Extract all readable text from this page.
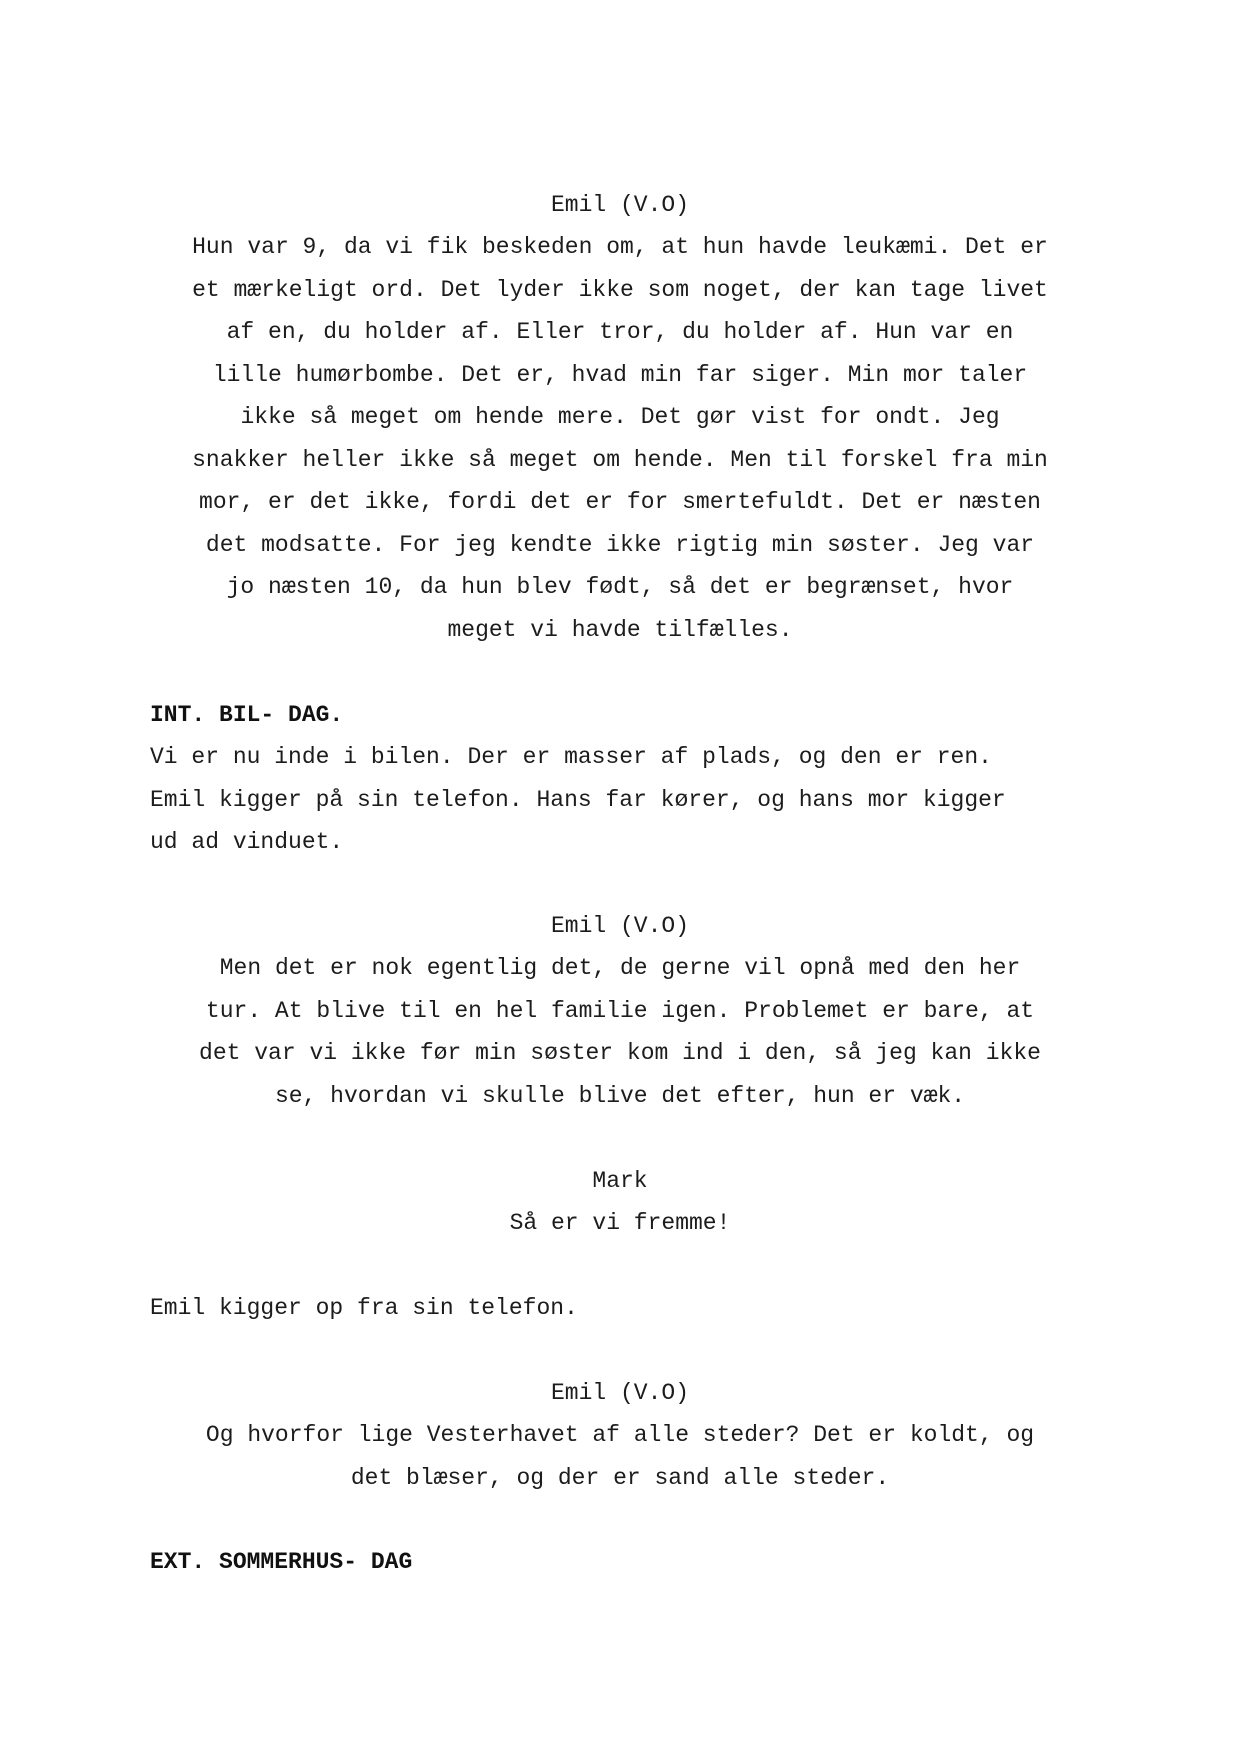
Emil (V.O)
Hun var 9, da vi fik beskeden om, at hun havde leukæmi. Det er
et mærkeligt ord. Det lyder ikke som noget, der kan tage livet
af en, du holder af. Eller tror, du holder af. Hun var en
lille humørbombe. Det er, hvad min far siger. Min mor taler
ikke så meget om hende mere. Det gør vist for ondt. Jeg
snakker heller ikke så meget om hende. Men til forskel fra min
mor, er det ikke, fordi det er for smertefuldt. Det er næsten
det modsatte. For jeg kendte ikke rigtig min søster. Jeg var
jo næsten 10, da hun blev født, så det er begrænset, hvor
meget vi havde tilfælles.
INT. BIL- DAG.
Vi er nu inde i bilen. Der er masser af plads, og den er ren.
Emil kigger på sin telefon. Hans far kører, og hans mor kigger
ud ad vinduet.
Emil (V.O)
Men det er nok egentlig det, de gerne vil opnå med den her
tur. At blive til en hel familie igen. Problemet er bare, at
det var vi ikke før min søster kom ind i den, så jeg kan ikke
se, hvordan vi skulle blive det efter, hun er væk.
Mark
Så er vi fremme!
Emil kigger op fra sin telefon.
Emil (V.O)
Og hvorfor lige Vesterhavet af alle steder? Det er koldt, og
det blæser, og der er sand alle steder.
EXT. SOMMERHUS- DAG
